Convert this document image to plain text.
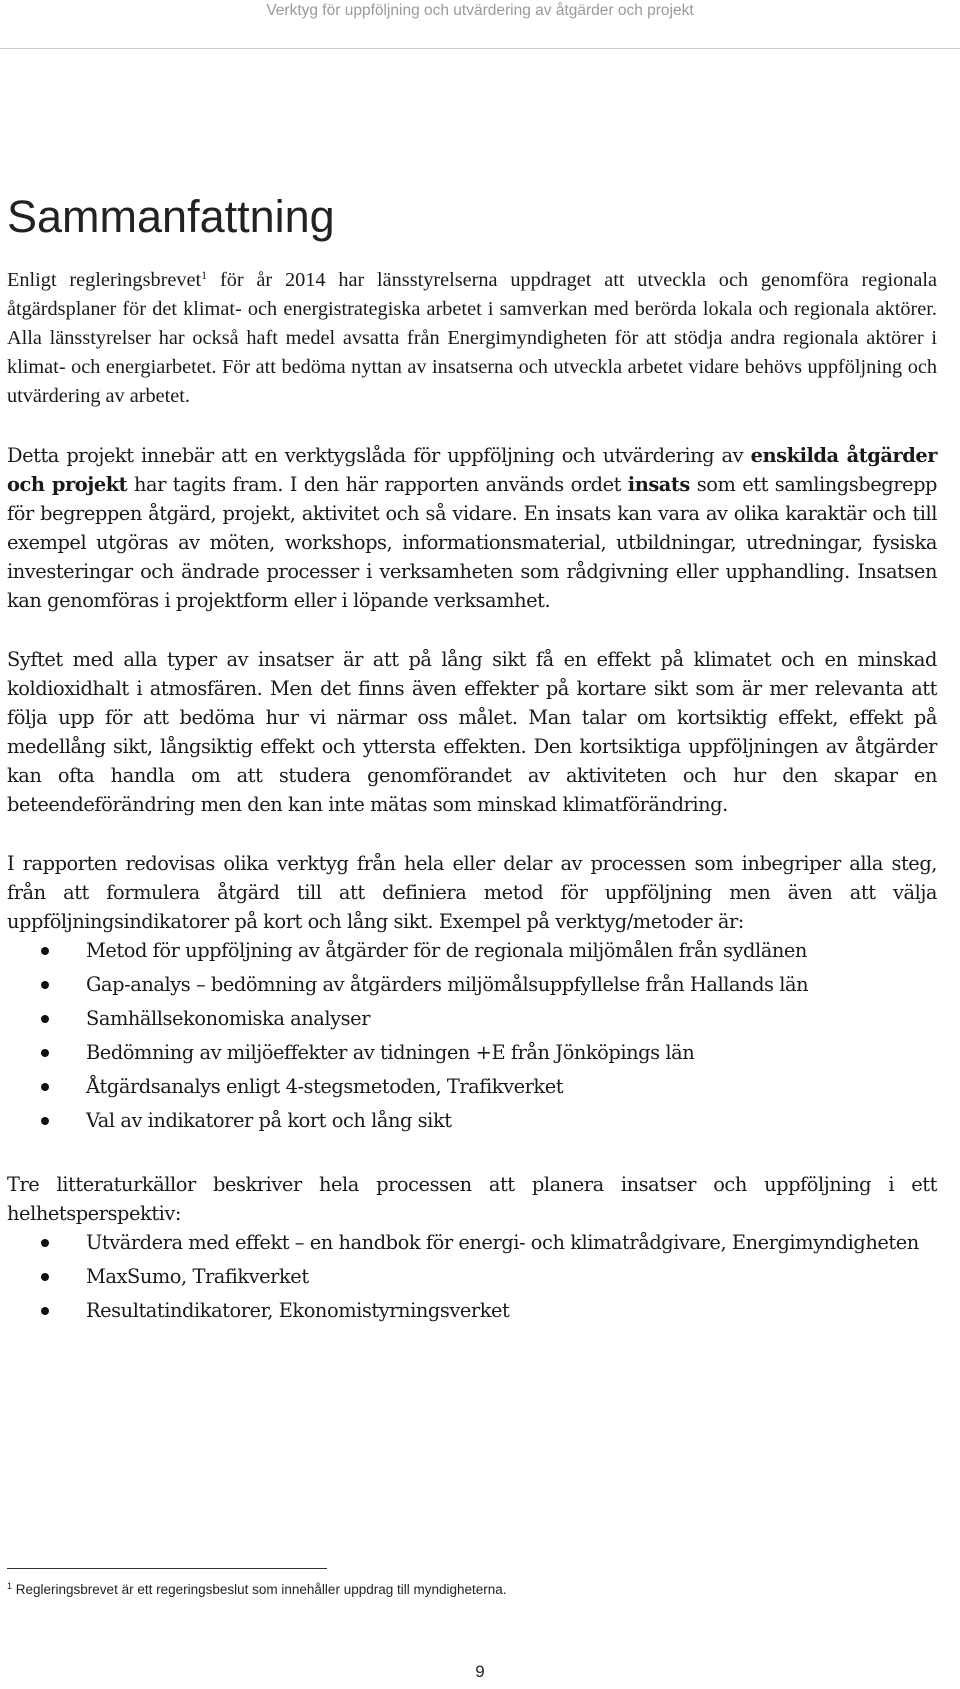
Verktyg för uppföljning och utvärdering av åtgärder och projekt
Sammanfattning

Enligt regleringsbrevet$^1$ för år 2014 har länsstyrelserna uppdraget att utveckla och genomföra regionala åtgärdsplaner för det klimat- och energistrategiska arbetet i samverkan med berörda lokala och regionala aktörer. Alla länsstyrelser har också haft medel avsatta från Energimyndigheten för att stödja andra regionala aktörer i klimat- och energiarbetet. För att bedöma nyttan av insatserna och utveckla arbetet vidare behövs uppföljning och utvärdering av arbetet.

Detta projekt innebär att en verktygslåda för uppföljning och utvärdering av enskilda åtgärder och projekt har tagits fram. I den här rapporten används ordet insats som ett samlingsbegrepp för begreppen åtgärd, projekt, aktivitet och så vidare. En insats kan vara av olika karaktär och till exempel utgöras av möten, workshops, informationsmaterial, utbildningar, utredningar, fysiska investeringar och ändrade processer i verksamheten som rådgivning eller upphandling. Insatsen kan genomföras i projektform eller i löpande verksamhet.

Syftet med alla typer av insatser är att på lång sikt få en effekt på klimatet och en minskad koldioxidhalt i atmosfären. Men det finns även effekter på kortare sikt som är mer relevanta att följa upp för att bedöma hur vi närmar oss målet. Man talar om kortsiktig effekt, effekt på medellång sikt, långsiktig effekt och yttersta effekten. Den kortsiktiga uppföljningen av åtgärder kan ofta handla om att studera genomförandet av aktiviteten och hur den skapar en beteendeförändring men den kan inte mätas som minskad klimatförändring.

I rapporten redovisas olika verktyg från hela eller delar av processen som inbegriper alla steg, från att formulera åtgärd till att definiera metod för uppföljning men även att välja uppföljningsindikatorer på kort och lång sikt. Exempel på verktyg/metoder är:

Metod för uppföljning av åtgärder för de regionala miljömålen från sydlänen
Gap-analys – bedömning av åtgärders miljömålsuppfyllelse från Hallands län
Samhällsekonomiska analyser
Bedömning av miljöeffekter av tidningen +E från Jönköpings län
Åtgärdsanalys enligt 4-stegsmetoden, Trafikverket
Val av indikatorer på kort och lång sikt

Tre litteraturkällor beskriver hela processen att planera insatser och uppföljning i ett helhetsperspektiv:

Utvärdera med effekt – en handbok för energi- och klimatrådgivare, Energimyndigheten
MaxSumo, Trafikverket
Resultatindikatorer, Ekonomistyrningsverket
$^1$ Regleringsbrevet är ett regeringsbeslut som innehåller uppdrag till myndigheterna.
9
